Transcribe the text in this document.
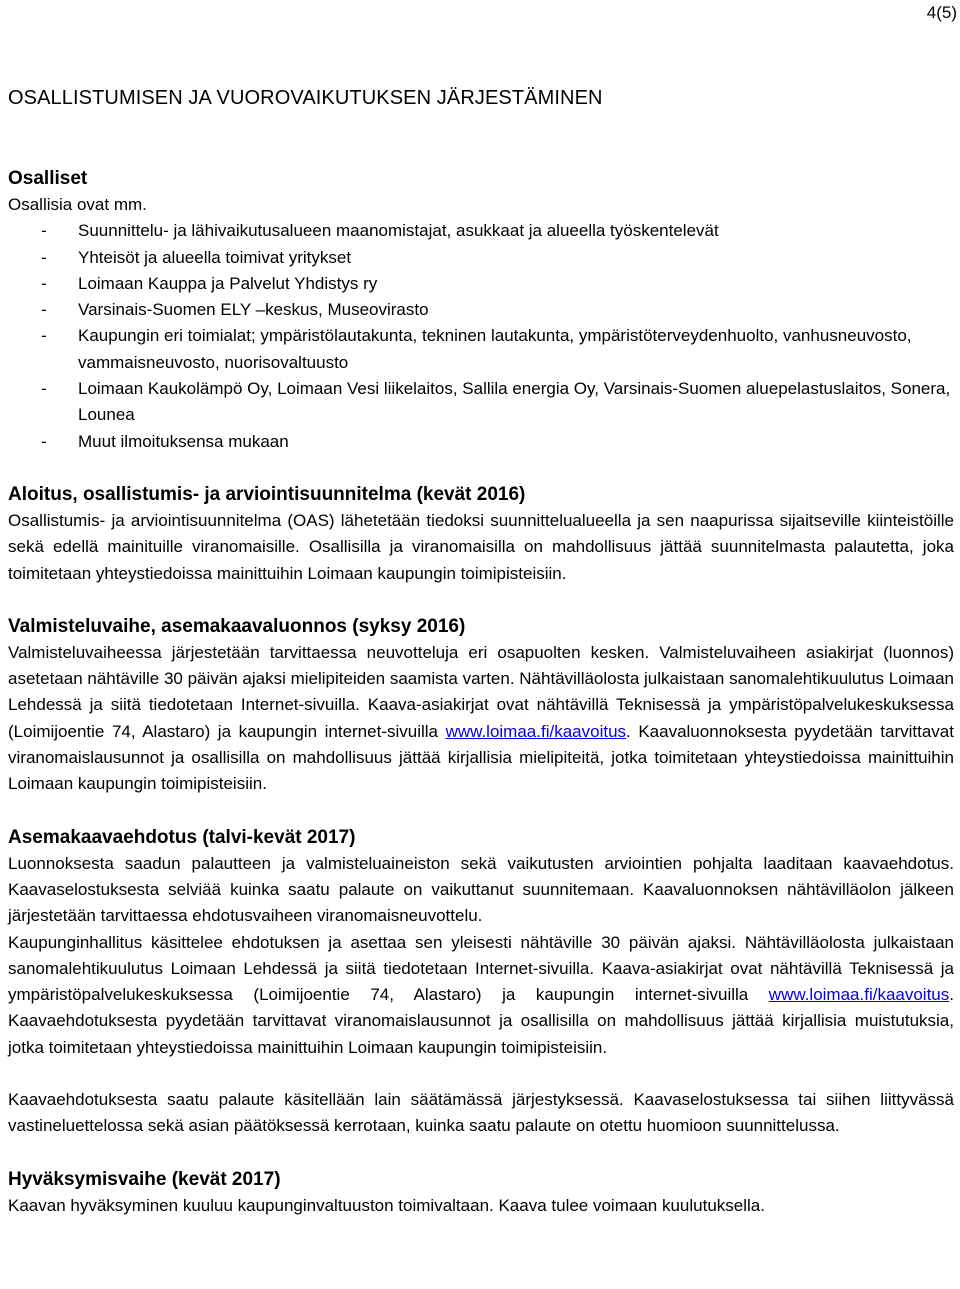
4(5)
OSALLISTUMISEN JA VUOROVAIKUTUKSEN JÄRJESTÄMINEN
Osalliset

Osallisia ovat mm.

- Suunnittelu- ja lähivaikutusalueen maanomistajat, asukkaat ja alueella työskentelevät
- Yhteisöt ja alueella toimivat yritykset
- Loimaan Kauppa ja Palvelut Yhdistys ry
- Varsinais-Suomen ELY –keskus, Museovirasto
- Kaupungin eri toimialat; ympäristölautakunta, tekninen lautakunta, ympäristöterveydenhuolto, vanhusneuvosto, vammaisneuvosto, nuorisovaltuusto
- Loimaan Kaukolämpö Oy, Loimaan Vesi liikelaitos, Sallila energia Oy, Varsinais-Suomen aluepelastuslaitos, Sonera, Lounea
- Muut ilmoituksensa mukaan
Aloitus, osallistumis- ja arviointisuunnitelma (kevät 2016)

Osallistumis- ja arviointisuunnitelma (OAS) lähetetään tiedoksi suunnittelualueella ja sen naapurissa sijaitseville kiinteistöille sekä edellä mainituille viranomaisille. Osallisilla ja viranomaisilla on mahdollisuus jättää suunnitelmasta palautetta, joka toimitetaan yhteystiedoissa mainittuihin Loimaan kaupungin toimipisteisiin.

Valmisteluvaihe, asemakaavaluonnos (syksy 2016)

Valmisteluvaiheessa järjestetään tarvittaessa neuvotteluja eri osapuolten kesken. Valmisteluvaiheen asiakirjat (luonnos) asetetaan nähtäville 30 päivän ajaksi mielipiteiden saamista varten. Nähtävilläolosta julkaistaan sanomalehtikuulutus Loimaan Lehdessä ja siitä tiedotetaan Internet-sivuilla. Kaava-asiakirjat ovat nähtävillä Teknisessä ja ympäristöpalvelukeskuksessa (Loimijoentie 74, Alastaro) ja kaupungin internet-sivuilla www.loimaa.fi/kaavoitus. Kaavaluonnoksesta pyydetään tarvittavat viranomaislausunnot ja osallisilla on mahdollisuus jättää kirjallisia mielipiteitä, jotka toimitetaan yhteystiedoissa mainittuihin Loimaan kaupungin toimipisteisiin.

Asemakaavaehdotus (talvi-kevät 2017)

Luonnoksesta saadun palautteen ja valmisteluaineiston sekä vaikutusten arviointien pohjalta laaditaan kaavaehdotus. Kaavaselostuksesta selviää kuinka saatu palaute on vaikuttanut suunnitemaan. Kaavaluonnoksen nähtävilläolon jälkeen järjestetään tarvittaessa ehdotusvaiheen viranomaisneuvottelu.

Kaupunginhallitus käsittelee ehdotuksen ja asettaa sen yleisesti nähtäville 30 päivän ajaksi. Nähtävilläolosta julkaistaan sanomalehtikuulutus Loimaan Lehdessä ja siitä tiedotetaan Internet-sivuilla. Kaava-asiakirjat ovat nähtävillä Teknisessä ja ympäristöpalvelukeskuksessa (Loimijoentie 74, Alastaro) ja kaupungin internet-sivuilla www.loimaa.fi/kaavoitus. Kaavaehdotuksesta pyydetään tarvittavat viranomaislausunnot ja osallisilla on mahdollisuus jättää kirjallisia muistutuksia, jotka toimitetaan yhteystiedoissa mainittuihin Loimaan kaupungin toimipisteisiin.

Kaavaehdotuksesta saatu palaute käsitellään lain säätämässä järjestyksessä. Kaavaselostuksessa tai siihen liittyvässä vastineluettelossa sekä asian päätöksessä kerrotaan, kuinka saatu palaute on otettu huomioon suunnittelussa.

Hyväksymisvaihe (kevät 2017)

Kaavan hyväksyminen kuuluu kaupunginvaltuuston toimivaltaan. Kaava tulee voimaan kuulutuksella.
